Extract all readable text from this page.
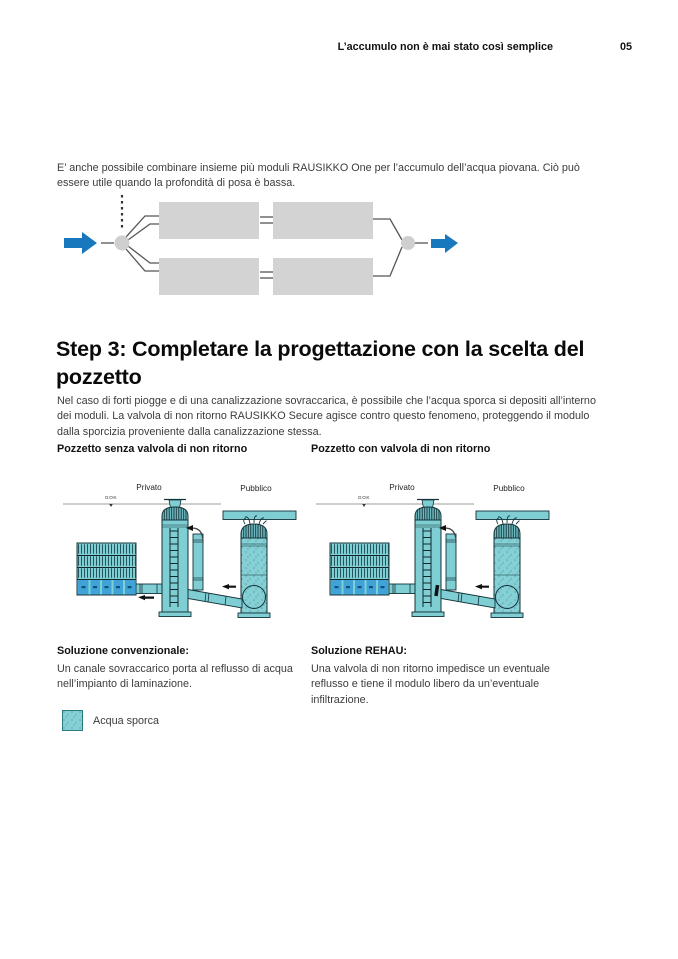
L’accumulo non è mai stato così semplice	05

E’ anche possibile combinare insieme più moduli RAUSIKKO One per l’accumulo dell’acqua piovana. Ciò può essere utile quando la profondità di posa è bassa.

Step 3: Completare la progettazione con la scelta del pozzetto

Nel caso di forti piogge e di una canalizzazione sovraccarica, è possibile che l’acqua sporca si depositi all’interno dei moduli. La valvola di non ritorno RAUSIKKO Secure agisce contro questo fenomeno, proteggendo il modulo dalla sporcizia proveniente dalla canalizzazione stessa.

Pozzetto senza valvola di non ritorno	Pozzetto con valvola di non ritorno
Privato	Pubblico
GOK
Privato	Pubblico
GOK

Soluzione convenzionale:

Un canale sovraccarico porta al reflusso di acqua nell’impianto di laminazione.

Soluzione REHAU:

Una valvola di non ritorno impedisce un eventuale reflusso e tiene il modulo libero da un’eventuale infiltrazione.

Acqua sporca
